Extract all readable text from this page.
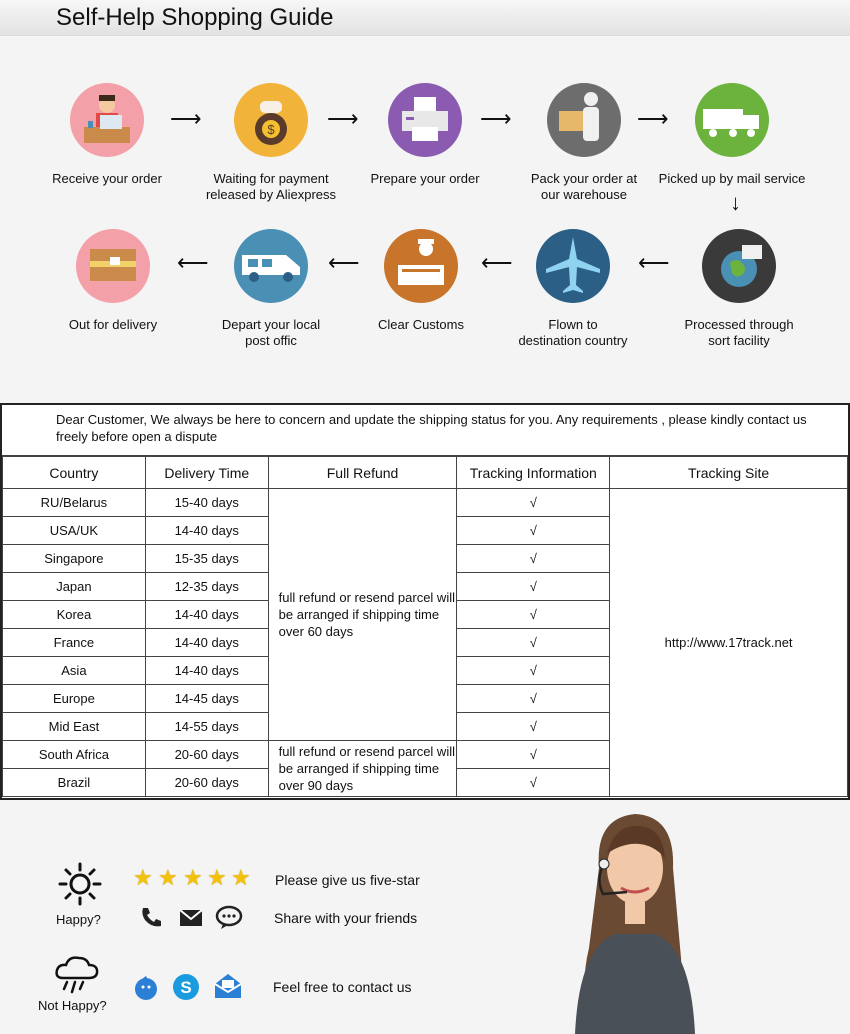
Self-Help Shopping Guide
Receive your order
⟶	$
Waiting for payment
released by Aliexpress
⟶
Prepare your order
⟶
Pack your order at
our warehouse
⟶
Picked up by mail service
↓
Out for delivery
⟵
Depart your local
post offic
⟵
Clear Customs
⟵
Flown to
destination country
⟵
Processed through
sort facility
Dear Customer, We always be here to concern and update the shipping status for you. Any requirements , please kindly contact us freely before open a dispute
Country	Delivery Time	Full Refund	Tracking Information	Tracking Site
RU/Belarus	15-40 days	full refund or resend parcel will be arranged if shipping time over 60 days	√	http://www.17track.net
USA/UK	14-40 days		√	
Singapore	15-35 days		√	
Japan	12-35 days		√	
Korea	14-40 days		√	
France	14-40 days		√	
Asia	14-40 days		√	
Europe	14-45 days		√	
Mid East	14-55 days		√	
South Africa	20-60 days	full refund or resend parcel will be arranged if shipping time over 90 days	√	
Brazil	20-60 days		√	
Happy?
★ ★ ★ ★ ★ Please give us five-star
Share with your friends
Not Happy?
S	Feel free to contact us
